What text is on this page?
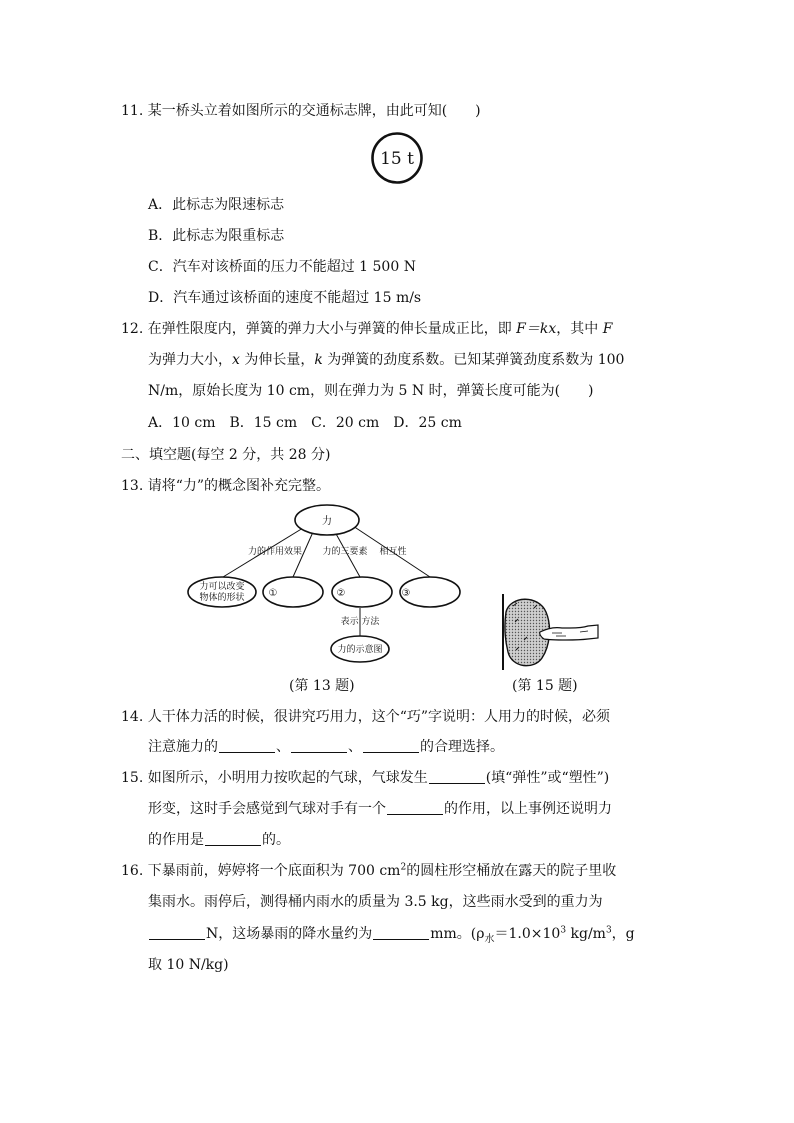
11. 某一桥头立着如图所示的交通标志牌，由此可知(　　)
15 t
A．此标志为限速标志
B．此标志为限重标志
C．汽车对该桥面的压力不能超过 1 500 N
D．汽车通过该桥面的速度不能超过 15 m/s
12. 在弹性限度内，弹簧的弹力大小与弹簧的伸长量成正比，即 F＝kx，其中 F
为弹力大小，x 为伸长量，k 为弹簧的劲度系数。已知某弹簧劲度系数为 100
N/m，原始长度为 10 cm，则在弹力为 5 N 时，弹簧长度可能为(　　)
A．10 cm　B．15 cm　C．20 cm　D．25 cm
二、填空题(每空 2 分，共 28 分)
13. 请将“力”的概念图补充完整。
力
力的作用效果 力的三要素 相互性
力可以改变
物体的形状 ①	②	③
表示 方法
力的示意图
(第 13 题)	(第 15 题)
14. 人干体力活的时候，很讲究巧用力，这个“巧”字说明：人用力的时候，必须
注意施力的	、	、	的合理选择。
15. 如图所示，小明用力按吹起的气球，气球发生	(填“弹性”或“塑性”)
形变，这时手会感觉到气球对手有一个	的作用，以上事例还说明力
的作用是	的。
16. 下暴雨前，婷婷将一个底面积为 700 $cm^2$的圆柱形空桶放在露天的院子里收
集雨水。雨停后，测得桶内雨水的质量为 3.5 kg，这些雨水受到的重力为
N，这场暴雨的降水量约为	mm。($\rho_水=1.0\times 10^3$ $kg/m^3$，g
取 10 N/kg)
